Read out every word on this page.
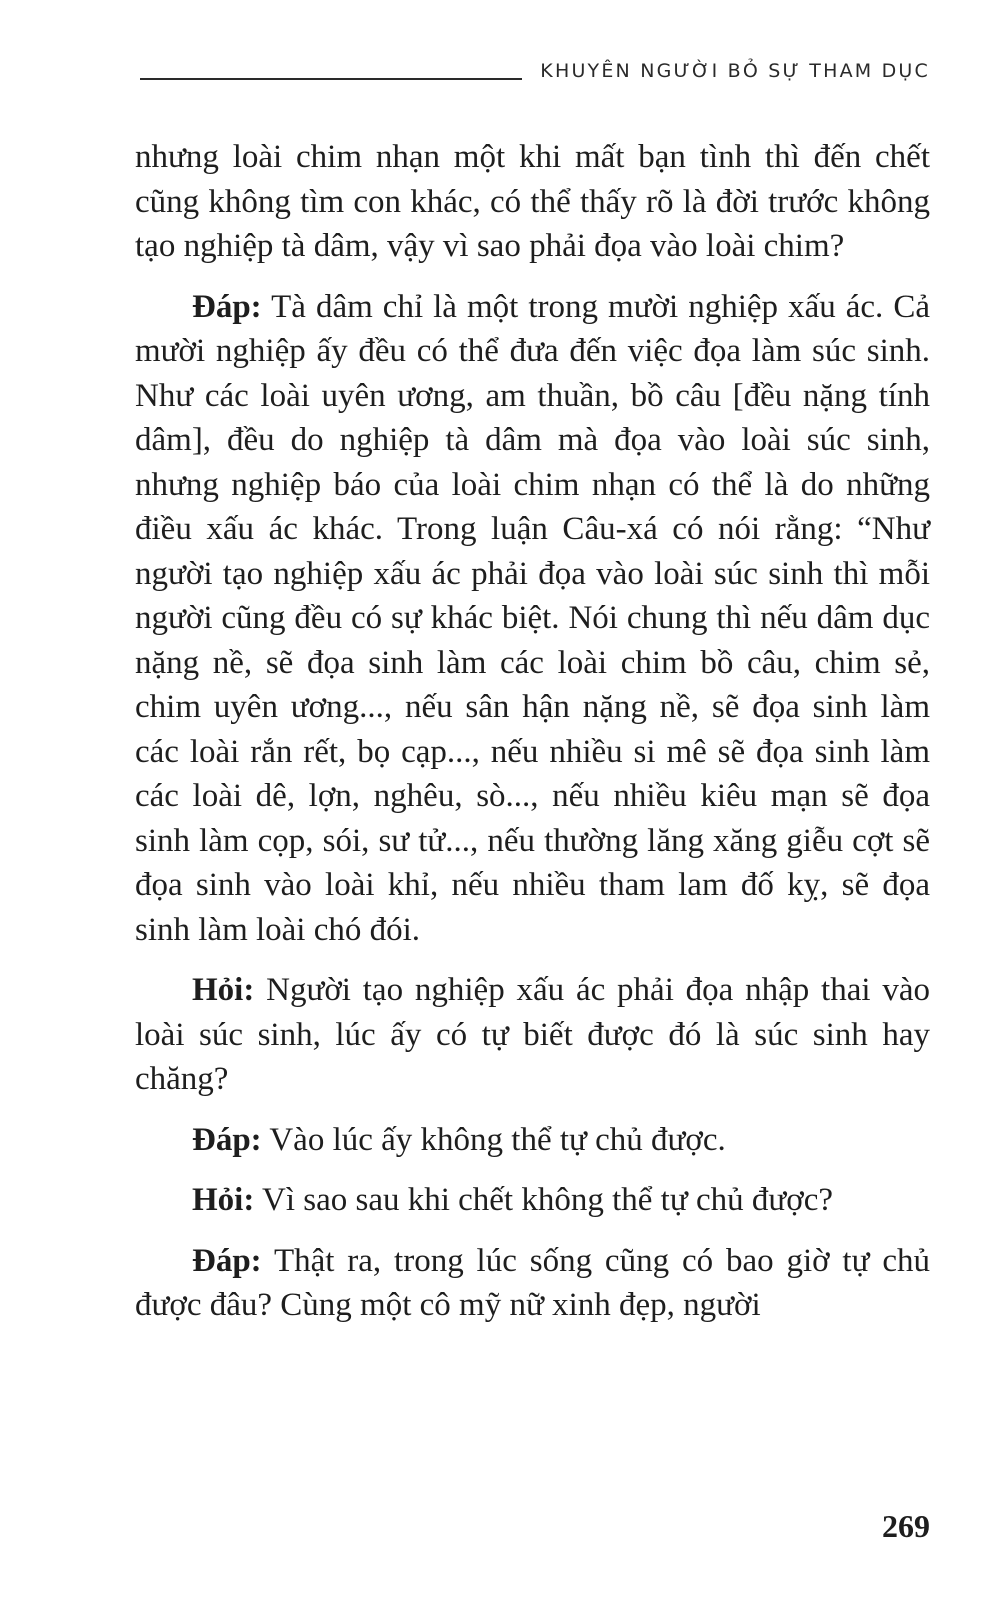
KHUYÊN NGƯỜI BỎ SỰ THAM DỤC

nhưng loài chim nhạn một khi mất bạn tình thì đến chết cũng không tìm con khác, có thể thấy rõ là đời trước không tạo nghiệp tà dâm, vậy vì sao phải đọa vào loài chim?

Đáp: Tà dâm chỉ là một trong mười nghiệp xấu ác. Cả mười nghiệp ấy đều có thể đưa đến việc đọa làm súc sinh. Như các loài uyên ương, am thuần, bồ câu [đều nặng tính dâm], đều do nghiệp tà dâm mà đọa vào loài súc sinh, nhưng nghiệp báo của loài chim nhạn có thể là do những điều xấu ác khác. Trong luận Câu-xá có nói rằng: “Như người tạo nghiệp xấu ác phải đọa vào loài súc sinh thì mỗi người cũng đều có sự khác biệt. Nói chung thì nếu dâm dục nặng nề, sẽ đọa sinh làm các loài chim bồ câu, chim sẻ, chim uyên ương..., nếu sân hận nặng nề, sẽ đọa sinh làm các loài rắn rết, bọ cạp..., nếu nhiều si mê sẽ đọa sinh làm các loài dê, lợn, nghêu, sò..., nếu nhiều kiêu mạn sẽ đọa sinh làm cọp, sói, sư tử..., nếu thường lăng xăng giễu cợt sẽ đọa sinh vào loài khỉ, nếu nhiều tham lam đố kỵ, sẽ đọa sinh làm loài chó đói.

Hỏi: Người tạo nghiệp xấu ác phải đọa nhập thai vào loài súc sinh, lúc ấy có tự biết được đó là súc sinh hay chăng?

Đáp: Vào lúc ấy không thể tự chủ được.

Hỏi: Vì sao sau khi chết không thể tự chủ được?

Đáp: Thật ra, trong lúc sống cũng có bao giờ tự chủ được đâu? Cùng một cô mỹ nữ xinh đẹp, người

269
